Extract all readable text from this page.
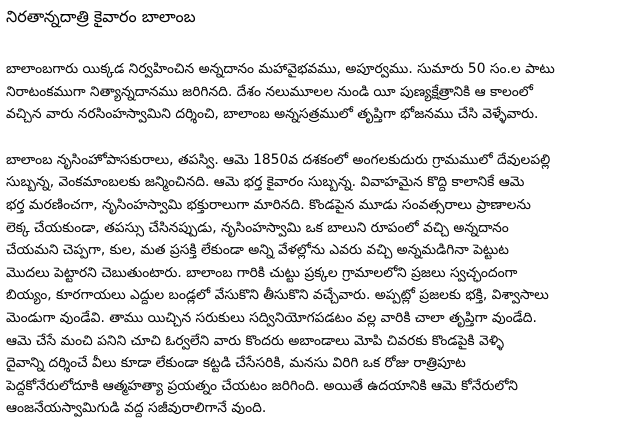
నిరతాన్నదాత్రి కైవారం బాలాంబ
బాలాంబగారు యిక్కడ నిర్వహించిన అన్నదానం మహావైభవము, అపూర్వము. సుమారు 50 సం.ల పాటు
నిరాటంకముగా నిత్యాన్నదానము జరిగినది. దేశం నలుమూలల నుండి యీ పుణ్యక్షేత్రానికి ఆ కాలంలో
వచ్చిన వారు నరసింహస్వామిని దర్శించి, బాలాంబ అన్నసత్రములో తృప్తిగా భోజనము చేసి వెళ్ళేవారు.
బాలాంబ నృసింహోపాసకురాలు, తపస్వి. ఆమె 1850వ దశకంలో అంగలకుదురు గ్రామములో దేవులపల్లి
సుబ్బన్న, వెంకమాంబలకు జన్మించినది. ఆమె భర్త కైవారం సుబ్బన్న. వివాహమైన కొద్ది కాలానికే ఆమె
భర్త మరణించగా, నృసింహస్వామి భక్తురాలుగా మారినది. కొండపైన మూడు సంవత్సరాలు ప్రాణాలను
లెక్క చేయకుండా, తపస్సు చేసినప్పుడు, నృసింహస్వామి ఒక బాలుని రూపంలో వచ్చి అన్నదానం
చేయమని చెప్పగా, కుల, మత ప్రసక్తి లేకుండా అన్ని వేళల్లోను ఎవరు వచ్చి అన్నమడిగినా పెట్టుట
మొదలు పెట్టారని చెబుతుంటారు. బాలాంబ గారికి చుట్టు ప్రక్కల గ్రామాలలోని ప్రజలు స్వచ్ఛందంగా
బియ్యం, కూరగాయలు ఎద్దుల బండ్లలో వేసుకొని తీసుకొని వచ్చేవారు. అప్పట్లో ప్రజలకు భక్తి, విశ్వాసాలు
మెండుగా వుండేవి. తాము యిచ్చిన సరుకులు సద్వినియోగపడటం వల్ల వారికి చాలా తృప్తిగా వుండేది.
ఆమె చేసే మంచి పనిని చూచి ఓర్వలేని వారు కొందరు అబాండాలు మోపి చివరకు కొండపైకి వెళ్ళి
దైవాన్ని దర్శించే వీలు కూడా లేకుండా కట్టడి చేసేసరికి, మనసు విరిగి ఒక రోజు రాత్రిపూట
పెద్దకోనేరులోదూకి ఆత్మహత్యా ప్రయత్నం చేయటం జరిగింది. అయితే ఉదయానికి ఆమె కోనేరులోని
ఆంజనేయస్వామిగుడి వద్ద సజీవురాలిగానే వుంది.
